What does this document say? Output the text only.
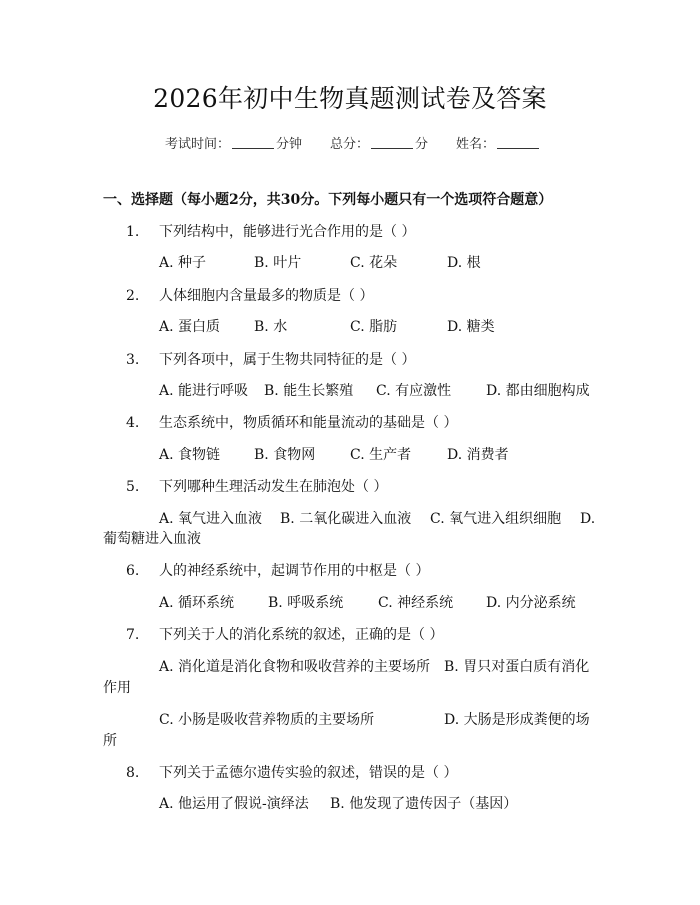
2026年初中生物真题测试卷及答案
考试时间：	分钟 总分：	分 姓名：
一、选择题（每小题2分，共30分。下列每小题只有一个选项符合题意）
1. 下列结构中，能够进行光合作用的是（ ）
A. 种子	B. 叶片	C. 花朵	D. 根
2. 人体细胞内含量最多的物质是（ ）
A. 蛋白质 B. 水	C. 脂肪	D. 糖类
3. 下列各项中，属于生物共同特征的是（ ）
A. 能进行呼吸 B. 能生长繁殖 C. 有应激性 D. 都由细胞构成
4. 生态系统中，物质循环和能量流动的基础是（ ）
A. 食物链 B. 食物网 C. 生产者	D. 消费者
5. 下列哪种生理活动发生在肺泡处（ ）
A. 氧气进入血液 B. 二氧化碳进入血液 C. 氧气进入组织细胞 D.
葡萄糖进入血液
6. 人的神经系统中，起调节作用的中枢是（ ）
A. 循环系统 B. 呼吸系统 C. 神经系统 D. 内分泌系统
7. 下列关于人的消化系统的叙述，正确的是（ ）
A. 消化道是消化食物和吸收营养的主要场所 B. 胃只对蛋白质有消化
作用
C. 小肠是吸收营养物质的主要场所	D. 大肠是形成粪便的场
所
8. 下列关于孟德尔遗传实验的叙述，错误的是（ ）
A. 他运用了假说-演绎法 B. 他发现了遗传因子（基因）
